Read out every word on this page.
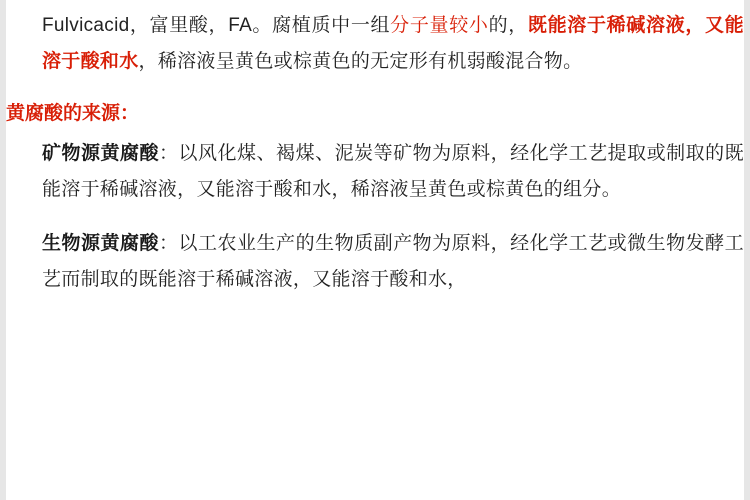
Fulvicacid，富里酸，FA。腐植质中一组分子量较小的，既能溶于稀碱溶液，又能溶于酸和水，稀溶液呈黄色或棕黄色的无定形有机弱酸混合物。

黄腐酸的来源：

矿物源黄腐酸：以风化煤、褐煤、泥炭等矿物为原料，经化学工艺提取或制取的既能溶于稀碱溶液，又能溶于酸和水，稀溶液呈黄色或棕黄色的组分。

生物源黄腐酸：以工农业生产的生物质副产物为原料，经化学工艺或微生物发酵工艺而制取的既能溶于稀碱溶液，又能溶于酸和水，
